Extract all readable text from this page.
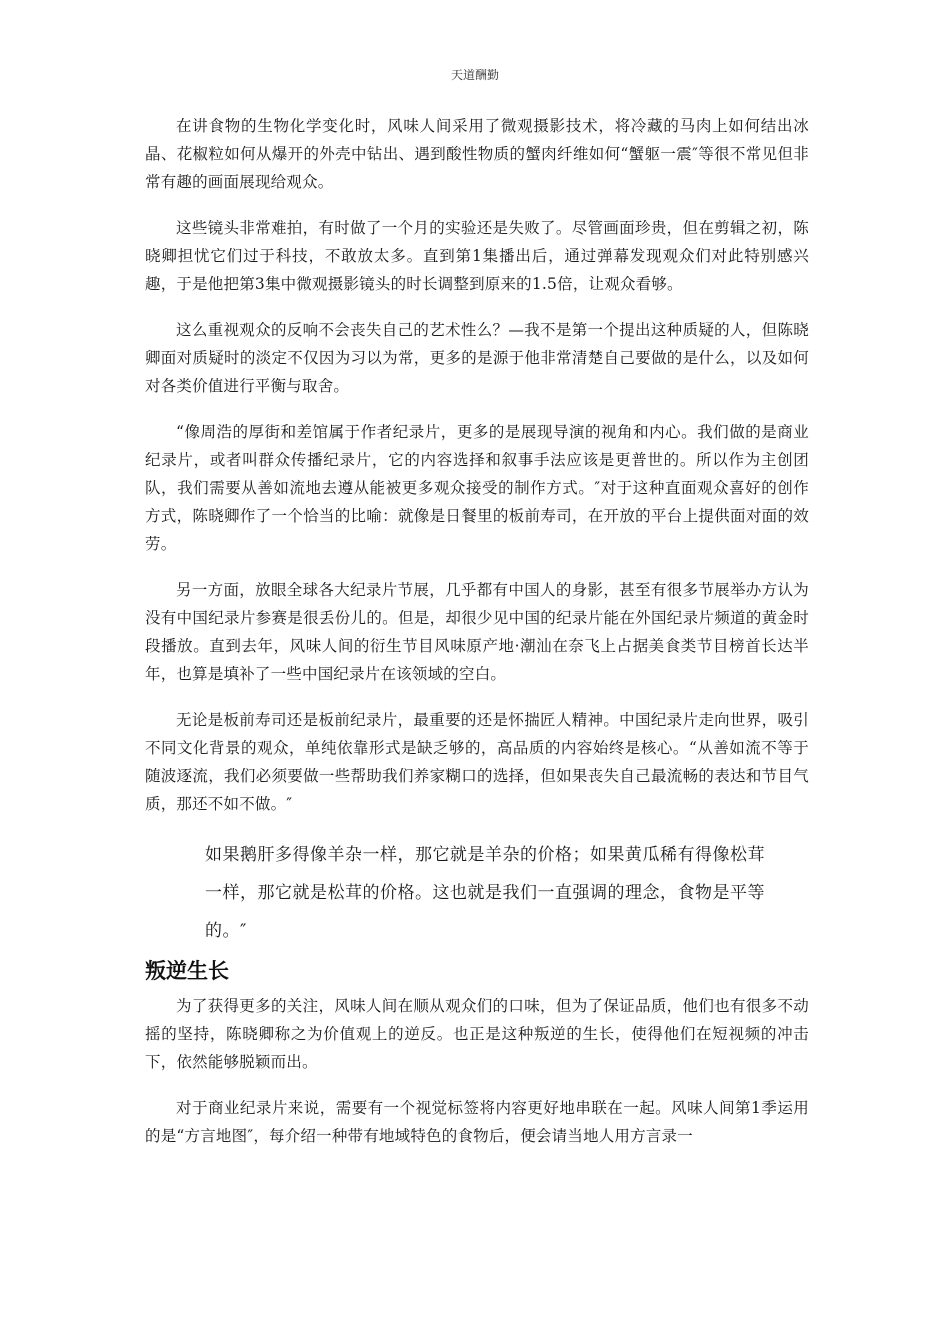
天道酬勤

在讲食物的生物化学变化时，风味人间采用了微观摄影技术，将冷藏的马肉上如何结出冰晶、花椒粒如何从爆开的外壳中钻出、遇到酸性物质的蟹肉纤维如何“蟹躯一震″等很不常见但非常有趣的画面展现给观众。

这些镜头非常难拍，有时做了一个月的实验还是失败了。尽管画面珍贵，但在剪辑之初，陈晓卿担忧它们过于科技，不敢放太多。直到第1集播出后，通过弹幕发现观众们对此特别感兴趣，于是他把第3集中微观摄影镜头的时长调整到原来的1.5倍，让观众看够。

这么重视观众的反响不会丧失自己的艺术性么？—我不是第一个提出这种质疑的人，但陈晓卿面对质疑时的淡定不仅因为习以为常，更多的是源于他非常清楚自己要做的是什么，以及如何对各类价值进行平衡与取舍。

“像周浩的厚街和差馆属于作者纪录片，更多的是展现导演的视角和内心。我们做的是商业纪录片，或者叫群众传播纪录片，它的内容选择和叙事手法应该是更普世的。所以作为主创团队，我们需要从善如流地去遵从能被更多观众接受的制作方式。″对于这种直面观众喜好的创作方式，陈晓卿作了一个恰当的比喻：就像是日餐里的板前寿司，在开放的平台上提供面对面的效劳。

另一方面，放眼全球各大纪录片节展，几乎都有中国人的身影，甚至有很多节展举办方认为没有中国纪录片参赛是很丢份儿的。但是，却很少见中国的纪录片能在外国纪录片频道的黄金时段播放。直到去年，风味人间的衍生节目风味原产地·潮汕在奈飞上占据美食类节目榜首长达半年，也算是填补了一些中国纪录片在该领域的空白。

无论是板前寿司还是板前纪录片，最重要的还是怀揣匠人精神。中国纪录片走向世界，吸引不同文化背景的观众，单纯依靠形式是缺乏够的，高品质的内容始终是核心。“从善如流不等于随波逐流，我们必须要做一些帮助我们养家糊口的选择，但如果丧失自己最流畅的表达和节目气质，那还不如不做。″

如果鹅肝多得像羊杂一样，那它就是羊杂的价格；如果黄瓜稀有得像松茸一样，那它就是松茸的价格。这也就是我们一直强调的理念，食物是平等的。″
叛逆生长

为了获得更多的关注，风味人间在顺从观众们的口味，但为了保证品质，他们也有很多不动摇的坚持，陈晓卿称之为价值观上的逆反。也正是这种叛逆的生长，使得他们在短视频的冲击下，依然能够脱颖而出。

对于商业纪录片来说，需要有一个视觉标签将内容更好地串联在一起。风味人间第1季运用的是“方言地图″，每介绍一种带有地域特色的食物后，便会请当地人用方言录一
